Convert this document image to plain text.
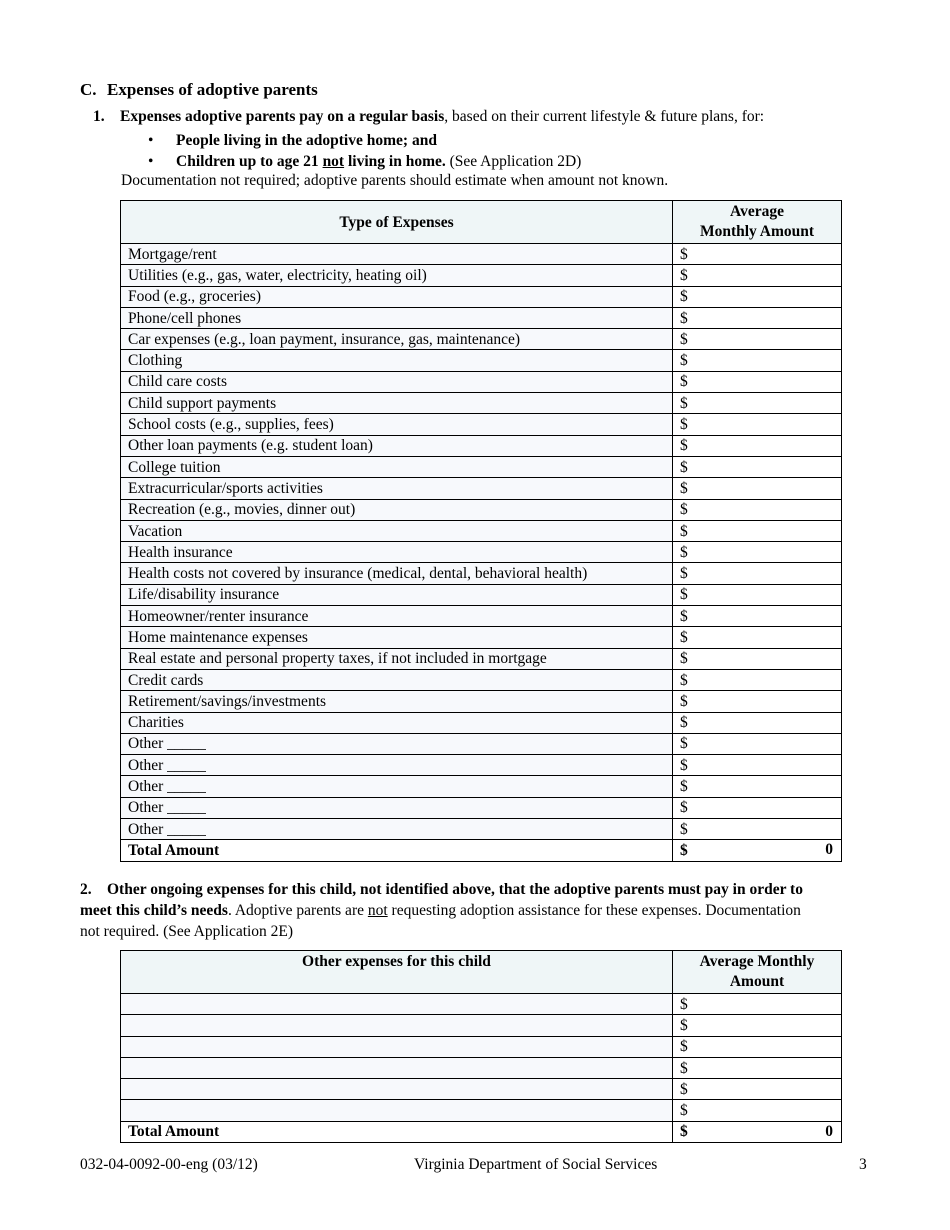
C. Expenses of adoptive parents
1. Expenses adoptive parents pay on a regular basis, based on their current lifestyle & future plans, for:
• People living in the adoptive home; and
• Children up to age 21 not living in home. (See Application 2D)
Documentation not required; adoptive parents should estimate when amount not known.
Type of Expenses	Average
Monthly Amount
Mortgage/rent	$
Utilities (e.g., gas, water, electricity, heating oil)	$
Food (e.g., groceries)	$
Phone/cell phones	$
Car expenses (e.g., loan payment, insurance, gas, maintenance)	$
Clothing	$
Child care costs	$
Child support payments	$
School costs (e.g., supplies, fees)	$
Other loan payments (e.g. student loan)	$
College tuition	$
Extracurricular/sports activities	$
Recreation (e.g., movies, dinner out)	$
Vacation	$
Health insurance	$
Health costs not covered by insurance (medical, dental, behavioral health)	$
Life/disability insurance	$
Homeowner/renter insurance	$
Home maintenance expenses	$
Real estate and personal property taxes, if not included in mortgage	$
Credit cards	$
Retirement/savings/investments	$
Charities	$
Other _____	$
Other _____	$
Other _____	$
Other _____	$
Other _____	$
Total Amount	$ 0
2. Other ongoing expenses for this child, not identified above, that the adoptive parents must pay in order to meet this child’s needs. Adoptive parents are not requesting adoption assistance for these expenses. Documentation not required. (See Application 2E)
Other expenses for this child	Average Monthly
Amount
	$
	$
	$
	$
	$
	$
Total Amount	$ 0
032-04-0092-00-eng (03/12)	Virginia Department of Social Services	3
